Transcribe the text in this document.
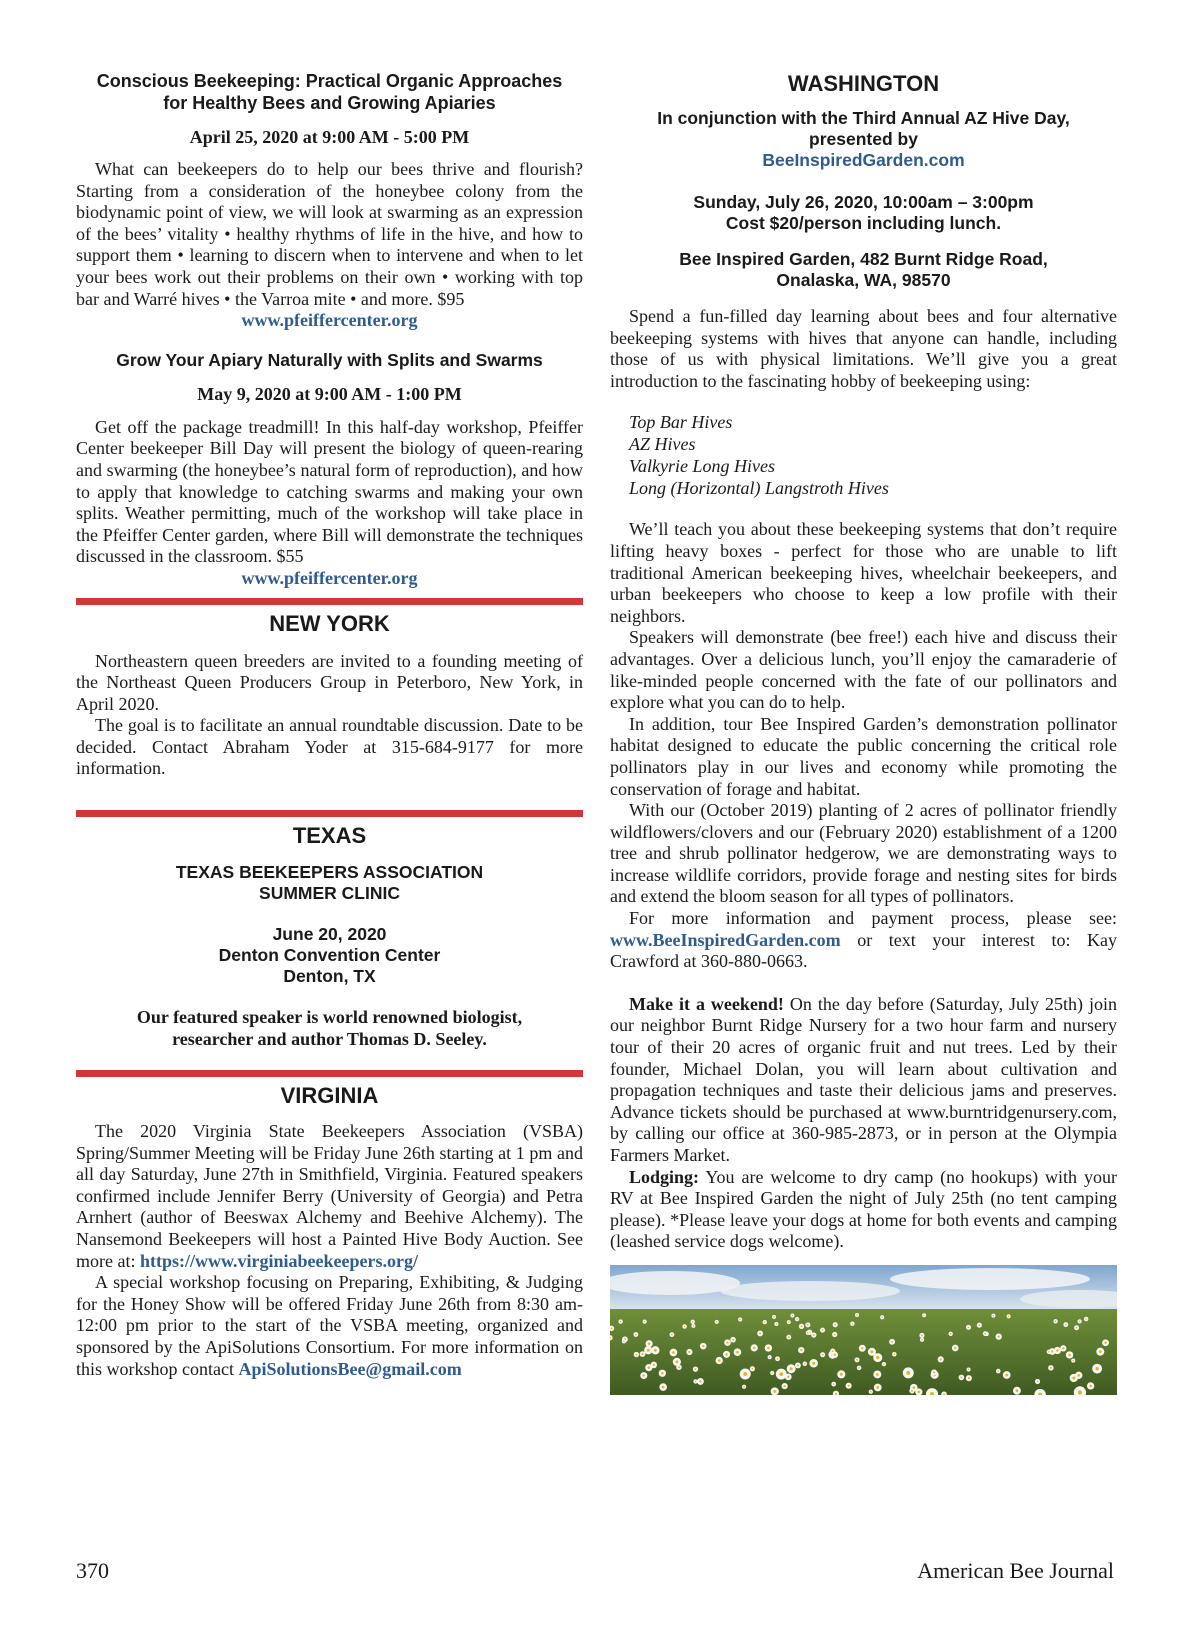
Conscious Beekeeping: Practical Organic Approaches
for Healthy Bees and Growing Apiaries
April 25, 2020 at 9:00 AM - 5:00 PM

What can beekeepers do to help our bees thrive and flourish? Starting from a consideration of the honeybee colony from the biodynamic point of view, we will look at swarming as an expression of the bees’ vitality • healthy rhythms of life in the hive, and how to support them • learning to discern when to intervene and when to let your bees work out their problems on their own • working with top bar and Warré hives • the Varroa mite • and more. $95

www.pfeiffercenter.org

Grow Your Apiary Naturally with Splits and Swarms
May 9, 2020 at 9:00 AM - 1:00 PM

Get off the package treadmill! In this half-day workshop, Pfeiffer Center beekeeper Bill Day will present the biology of queen-rearing and swarming (the honeybee’s natural form of reproduction), and how to apply that knowledge to catching swarms and making your own splits. Weather permitting, much of the workshop will take place in the Pfeiffer Center garden, where Bill will demonstrate the techniques discussed in the classroom. $55

www.pfeiffercenter.org

NEW YORK

Northeastern queen breeders are invited to a founding meeting of the Northeast Queen Producers Group in Peterboro, New York, in April 2020.

The goal is to facilitate an annual roundtable discussion. Date to be decided. Contact Abraham Yoder at 315-684-9177 for more information.

TEXAS
TEXAS BEEKEEPERS ASSOCIATION
SUMMER CLINIC
June 20, 2020
Denton Convention Center
Denton, TX
Our featured speaker is world renowned biologist,
researcher and author Thomas D. Seeley.
VIRGINIA

The 2020 Virginia State Beekeepers Association (VSBA) Spring/Summer Meeting will be Friday June 26th starting at 1 pm and all day Saturday, June 27th in Smithfield, Virginia. Featured speakers confirmed include Jennifer Berry (University of Georgia) and Petra Arnhert (author of Beeswax Alchemy and Beehive Alchemy). The Nansemond Beekeepers will host a Painted Hive Body Auction. See more at: https://www.virginiabeekeepers.org/

A special workshop focusing on Preparing, Exhibiting, & Judging for the Honey Show will be offered Friday June 26th from 8:30 am-12:00 pm prior to the start of the VSBA meeting, organized and sponsored by the ApiSolutions Consortium. For more information on this workshop contact ApiSolutionsBee@gmail.com

WASHINGTON
In conjunction with the Third Annual AZ Hive Day,
presented by
BeeInspiredGarden.com
Sunday, July 26, 2020, 10:00am – 3:00pm
Cost $20/person including lunch.
Bee Inspired Garden, 482 Burnt Ridge Road,
Onalaska, WA, 98570

Spend a fun-filled day learning about bees and four alternative beekeeping systems with hives that anyone can handle, including those of us with physical limitations. We’ll give you a great introduction to the fascinating hobby of beekeeping using:

Top Bar Hives
AZ Hives
Valkyrie Long Hives
Long (Horizontal) Langstroth Hives

We’ll teach you about these beekeeping systems that don’t require lifting heavy boxes - perfect for those who are unable to lift traditional American beekeeping hives, wheelchair beekeepers, and urban beekeepers who choose to keep a low profile with their neighbors.

Speakers will demonstrate (bee free!) each hive and discuss their advantages. Over a delicious lunch, you’ll enjoy the camaraderie of like-minded people concerned with the fate of our pollinators and explore what you can do to help.

In addition, tour Bee Inspired Garden’s demonstration pollinator habitat designed to educate the public concerning the critical role pollinators play in our lives and economy while promoting the conservation of forage and habitat.

With our (October 2019) planting of 2 acres of pollinator friendly wildflowers/clovers and our (February 2020) establishment of a 1200 tree and shrub pollinator hedgerow, we are demonstrating ways to increase wildlife corridors, provide forage and nesting sites for birds and extend the bloom season for all types of pollinators.

For more information and payment process, please see: www.BeeInspiredGarden.com or text your interest to: Kay Crawford at 360-880-0663.

Make it a weekend! On the day before (Saturday, July 25th) join our neighbor Burnt Ridge Nursery for a two hour farm and nursery tour of their 20 acres of organic fruit and nut trees. Led by their founder, Michael Dolan, you will learn about cultivation and propagation techniques and taste their delicious jams and preserves. Advance tickets should be purchased at www.burntridgenursery.com, by calling our office at 360-985-2873, or in person at the Olympia Farmers Market.

Lodging: You are welcome to dry camp (no hookups) with your RV at Bee Inspired Garden the night of July 25th (no tent camping please). *Please leave your dogs at home for both events and camping (leashed service dogs welcome).

370	American Bee Journal
